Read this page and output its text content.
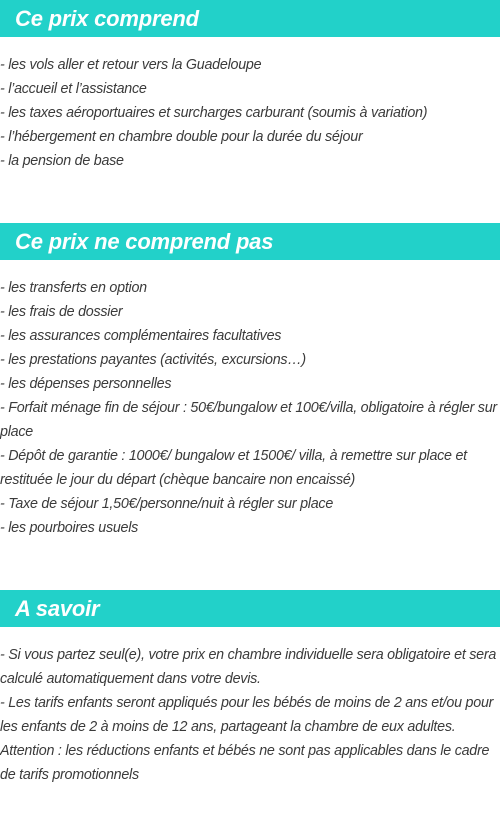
Ce prix comprend
- les vols aller et retour vers la Guadeloupe
- l’accueil et l’assistance
- les taxes aéroportuaires et surcharges carburant (soumis à variation)
- l’hébergement en chambre double pour la durée du séjour
- la pension de base
Ce prix ne comprend pas
- les transferts en option
- les frais de dossier
- les assurances complémentaires facultatives
- les prestations payantes (activités, excursions…)
- les dépenses personnelles
- Forfait ménage fin de séjour : 50€/bungalow et 100€/villa, obligatoire à régler sur place
- Dépôt de garantie : 1000€/ bungalow et 1500€/ villa, à remettre sur place et restituée le jour du départ (chèque bancaire non encaissé)
- Taxe de séjour 1,50€/personne/nuit à régler sur place
- les pourboires usuels
A savoir
- Si vous partez seul(e), votre prix en chambre individuelle sera obligatoire et sera calculé automatiquement dans votre devis.
- Les tarifs enfants seront appliqués pour les bébés de moins de 2 ans et/ou pour les enfants de 2 à moins de 12 ans, partageant la chambre de eux adultes.
Attention : les réductions enfants et bébés ne sont pas applicables dans le cadre de tarifs promotionnels
